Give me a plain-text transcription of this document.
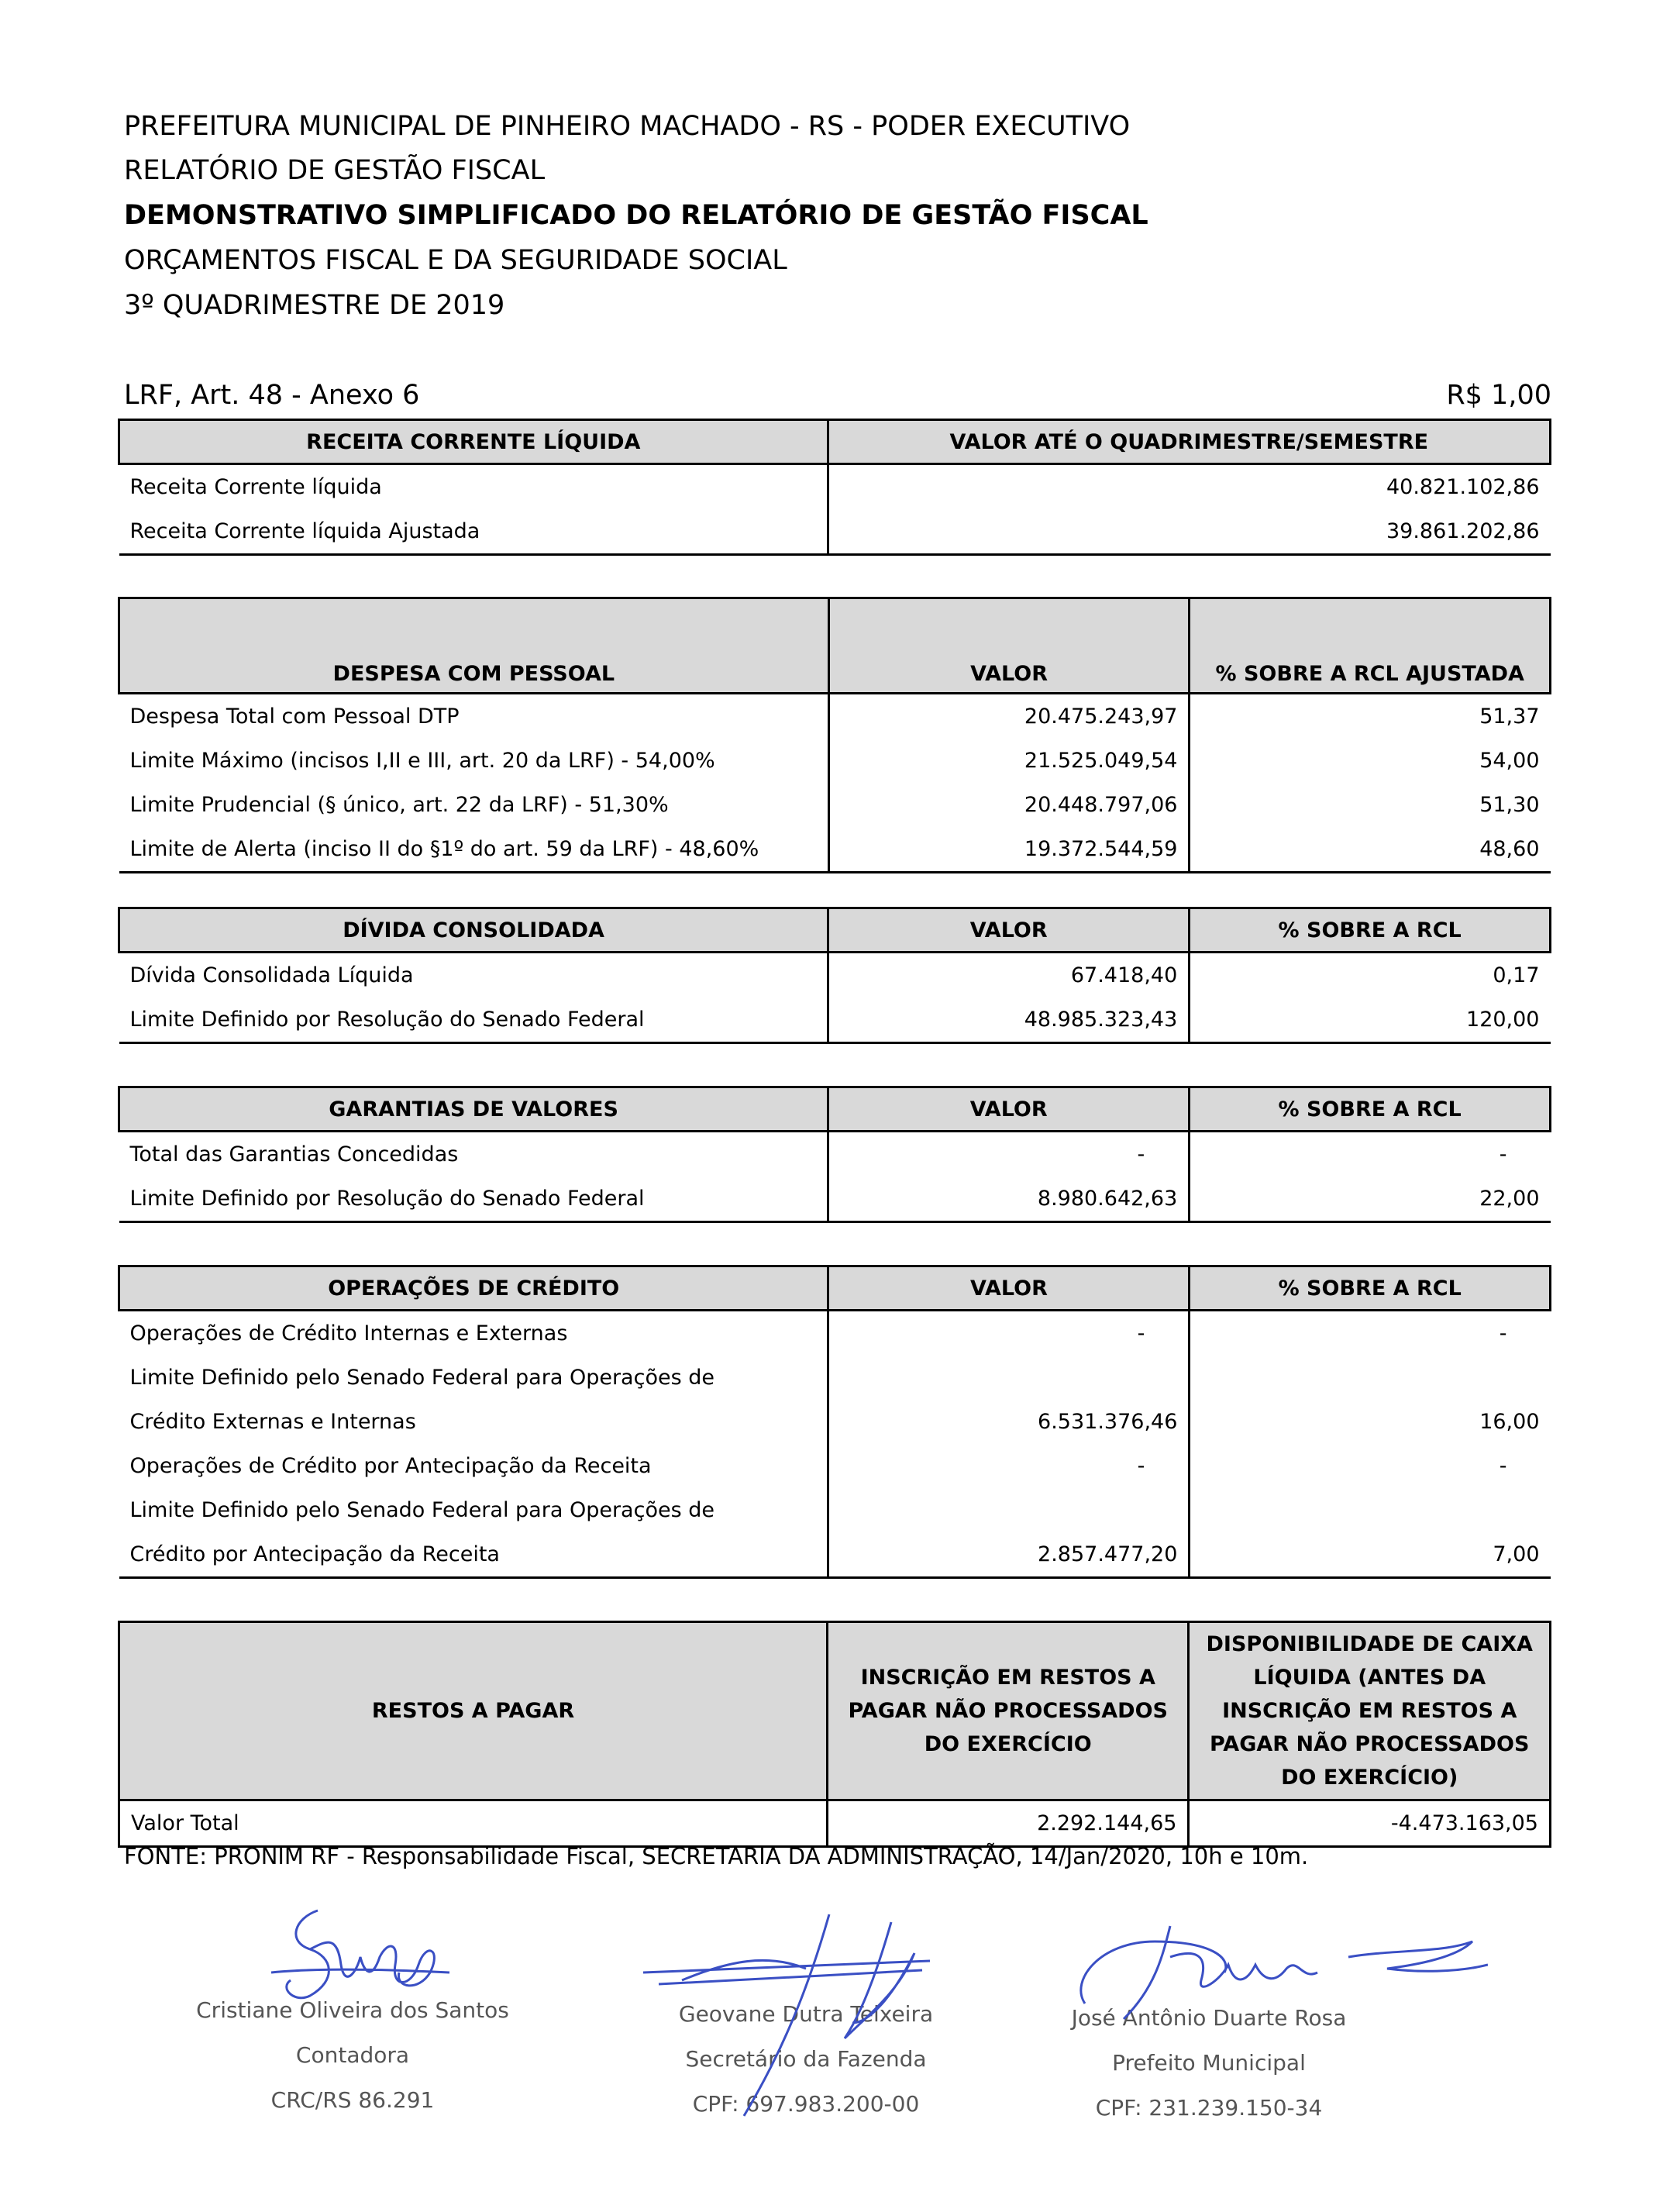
PREFEITURA MUNICIPAL DE PINHEIRO MACHADO - RS - PODER EXECUTIVO
RELATÓRIO DE GESTÃO FISCAL
DEMONSTRATIVO SIMPLIFICADO DO RELATÓRIO DE GESTÃO FISCAL
ORÇAMENTOS FISCAL E DA SEGURIDADE SOCIAL
3º QUADRIMESTRE DE 2019
LRF, Art. 48 - Anexo 6	R$ 1,00
RECEITA CORRENTE LÍQUIDA	VALOR ATÉ O QUADRIMESTRE/SEMESTRE
Receita Corrente líquida	40.821.102,86
Receita Corrente líquida Ajustada	39.861.202,86
DESPESA COM PESSOAL	VALOR	% SOBRE A RCL AJUSTADA
Despesa Total com Pessoal DTP	20.475.243,97	51,37
Limite Máximo (incisos I,II e III, art. 20 da LRF) - 54,00%	21.525.049,54	54,00
Limite Prudencial (§ único, art. 22 da LRF) - 51,30%	20.448.797,06	51,30
Limite de Alerta (inciso II do §1º do art. 59 da LRF) - 48,60%	19.372.544,59	48,60
DÍVIDA CONSOLIDADA	VALOR	% SOBRE A RCL
Dívida Consolidada Líquida	67.418,40	0,17
Limite Definido por Resolução do Senado Federal	48.985.323,43	120,00
GARANTIAS DE VALORES	VALOR	% SOBRE A RCL
Total das Garantias Concedidas	-	-
Limite Definido por Resolução do Senado Federal	8.980.642,63	22,00
OPERAÇÕES DE CRÉDITO	VALOR	% SOBRE A RCL
Operações de Crédito Internas e Externas	-	-
Limite Definido pelo Senado Federal para Operações de		
Crédito Externas e Internas	6.531.376,46	16,00
Operações de Crédito por Antecipação da Receita	-	-
Limite Definido pelo Senado Federal para Operações de		
Crédito por Antecipação da Receita	2.857.477,20	7,00
RESTOS A PAGAR	INSCRIÇÃO EM RESTOS A PAGAR NÃO PROCESSADOS DO EXERCÍCIO	DISPONIBILIDADE DE CAIXA LÍQUIDA (ANTES DA INSCRIÇÃO EM RESTOS A PAGAR NÃO PROCESSADOS DO EXERCÍCIO)
Valor Total	2.292.144,65	-4.473.163,05
FONTE: PRONIM RF - Responsabilidade Fiscal, SECRETARIA DA ADMINISTRAÇÃO, 14/Jan/2020, 10h e 10m.
Cristiane Oliveira dos Santos
Contadora
CRC/RS 86.291
Geovane Dutra Teixeira
Secretário da Fazenda
CPF: 697.983.200-00
José Antônio Duarte Rosa
Prefeito Municipal
CPF: 231.239.150-34
